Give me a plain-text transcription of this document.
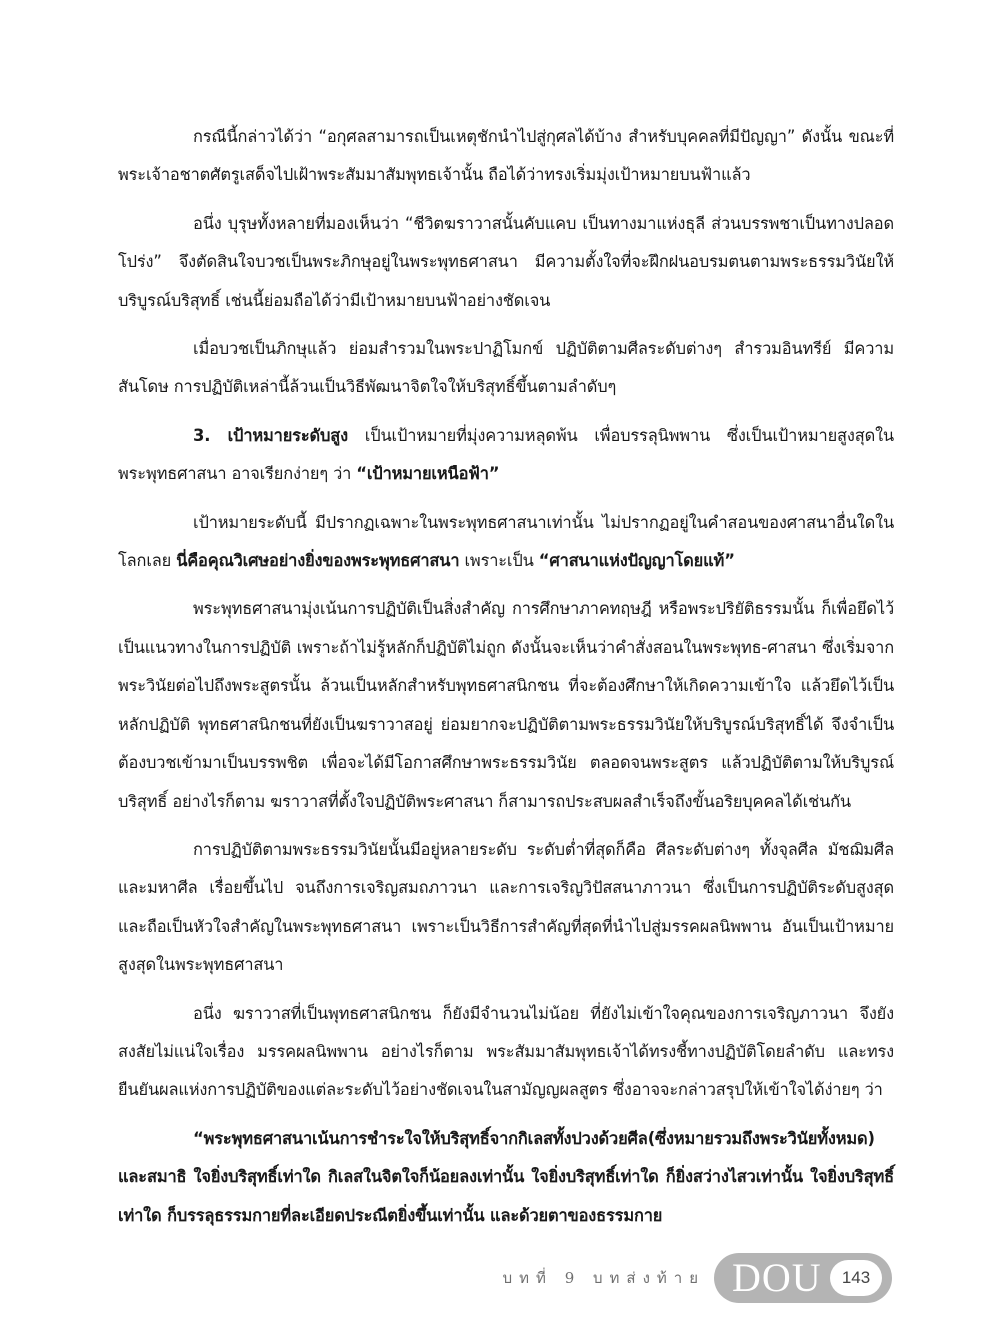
กรณีนี้กล่าวได้ว่า “อกุศลสามารถเป็นเหตุชักนำไปสู่กุศลได้บ้าง สำหรับบุคคลที่มีปัญญา” ดังนั้น ขณะที่พระเจ้าอชาตศัตรูเสด็จไปเฝ้าพระสัมมาสัมพุทธเจ้านั้น ถือได้ว่าทรงเริ่มมุ่งเป้าหมายบนฟ้าแล้ว

อนึ่ง บุรุษทั้งหลายที่มองเห็นว่า “ชีวิตฆราวาสนั้นคับแคบ เป็นทางมาแห่งธุลี ส่วนบรรพชาเป็นทางปลอดโปร่ง” จึงตัดสินใจบวชเป็นพระภิกษุอยู่ในพระพุทธศาสนา มีความตั้งใจที่จะฝึกฝนอบรมตนตามพระธรรมวินัยให้บริบูรณ์บริสุทธิ์ เช่นนี้ย่อมถือได้ว่ามีเป้าหมายบนฟ้าอย่างชัดเจน

เมื่อบวชเป็นภิกษุแล้ว ย่อมสำรวมในพระปาฏิโมกข์ ปฏิบัติตามศีลระดับต่างๆ สำรวมอินทรีย์ มีความสันโดษ การปฏิบัติเหล่านี้ล้วนเป็นวิธีพัฒนาจิตใจให้บริสุทธิ์ขึ้นตามลำดับๆ

3. เป้าหมายระดับสูง เป็นเป้าหมายที่มุ่งความหลุดพ้น เพื่อบรรลุนิพพาน ซึ่งเป็นเป้าหมายสูงสุดในพระพุทธศาสนา อาจเรียกง่ายๆ ว่า “เป้าหมายเหนือฟ้า”

เป้าหมายระดับนี้ มีปรากฏเฉพาะในพระพุทธศาสนาเท่านั้น ไม่ปรากฏอยู่ในคำสอนของศาสนาอื่นใดในโลกเลย นี่คือคุณวิเศษอย่างยิ่งของพระพุทธศาสนา เพราะเป็น “ศาสนาแห่งปัญญาโดยแท้”

พระพุทธศาสนามุ่งเน้นการปฏิบัติเป็นสิ่งสำคัญ การศึกษาภาคทฤษฎี หรือพระปริยัติธรรมนั้น ก็เพื่อยึดไว้เป็นแนวทางในการปฏิบัติ เพราะถ้าไม่รู้หลักก็ปฏิบัติไม่ถูก ดังนั้นจะเห็นว่าคำสั่งสอนในพระพุทธ-ศาสนา ซึ่งเริ่มจากพระวินัยต่อไปถึงพระสูตรนั้น ล้วนเป็นหลักสำหรับพุทธศาสนิกชน ที่จะต้องศึกษาให้เกิดความเข้าใจ แล้วยึดไว้เป็นหลักปฏิบัติ พุทธศาสนิกชนที่ยังเป็นฆราวาสอยู่ ย่อมยากจะปฏิบัติตามพระธรรมวินัยให้บริบูรณ์บริสุทธิ์ได้ จึงจำเป็นต้องบวชเข้ามาเป็นบรรพชิต เพื่อจะได้มีโอกาสศึกษาพระธรรมวินัย ตลอดจนพระสูตร แล้วปฏิบัติตามให้บริบูรณ์บริสุทธิ์ อย่างไรก็ตาม ฆราวาสที่ตั้งใจปฏิบัติพระศาสนา ก็สามารถประสบผลสำเร็จถึงขั้นอริยบุคคลได้เช่นกัน

การปฏิบัติตามพระธรรมวินัยนั้นมีอยู่หลายระดับ ระดับต่ำที่สุดก็คือ ศีลระดับต่างๆ ทั้งจุลศีล มัชฌิมศีล และมหาศีล เรื่อยขึ้นไป จนถึงการเจริญสมถภาวนา และการเจริญวิปัสสนาภาวนา ซึ่งเป็นการปฏิบัติระดับสูงสุด และถือเป็นหัวใจสำคัญในพระพุทธศาสนา เพราะเป็นวิธีการสำคัญที่สุดที่นำไปสู่มรรคผลนิพพาน อันเป็นเป้าหมายสูงสุดในพระพุทธศาสนา

อนึ่ง ฆราวาสที่เป็นพุทธศาสนิกชน ก็ยังมีจำนวนไม่น้อย ที่ยังไม่เข้าใจคุณของการเจริญภาวนา จึงยังสงสัยไม่แน่ใจเรื่อง มรรคผลนิพพาน อย่างไรก็ตาม พระสัมมาสัมพุทธเจ้าได้ทรงชี้ทางปฏิบัติโดยลำดับ และทรงยืนยันผลแห่งการปฏิบัติของแต่ละระดับไว้อย่างชัดเจนในสามัญญผลสูตร ซึ่งอาจจะกล่าวสรุปให้เข้าใจได้ง่ายๆ ว่า

“พระพุทธศาสนาเน้นการชำระใจให้บริสุทธิ์จากกิเลสทั้งปวงด้วยศีล(ซึ่งหมายรวมถึงพระวินัยทั้งหมด) และสมาธิ ใจยิ่งบริสุทธิ์เท่าใด กิเลสในจิตใจก็น้อยลงเท่านั้น ใจยิ่งบริสุทธิ์เท่าใด ก็ยิ่งสว่างไสวเท่านั้น ใจยิ่งบริสุทธิ์เท่าใด ก็บรรลุธรรมกายที่ละเอียดประณีตยิ่งขึ้นเท่านั้น และด้วยตาของธรรมกาย

บทที่ 9 บทส่งท้าย DOU	143
